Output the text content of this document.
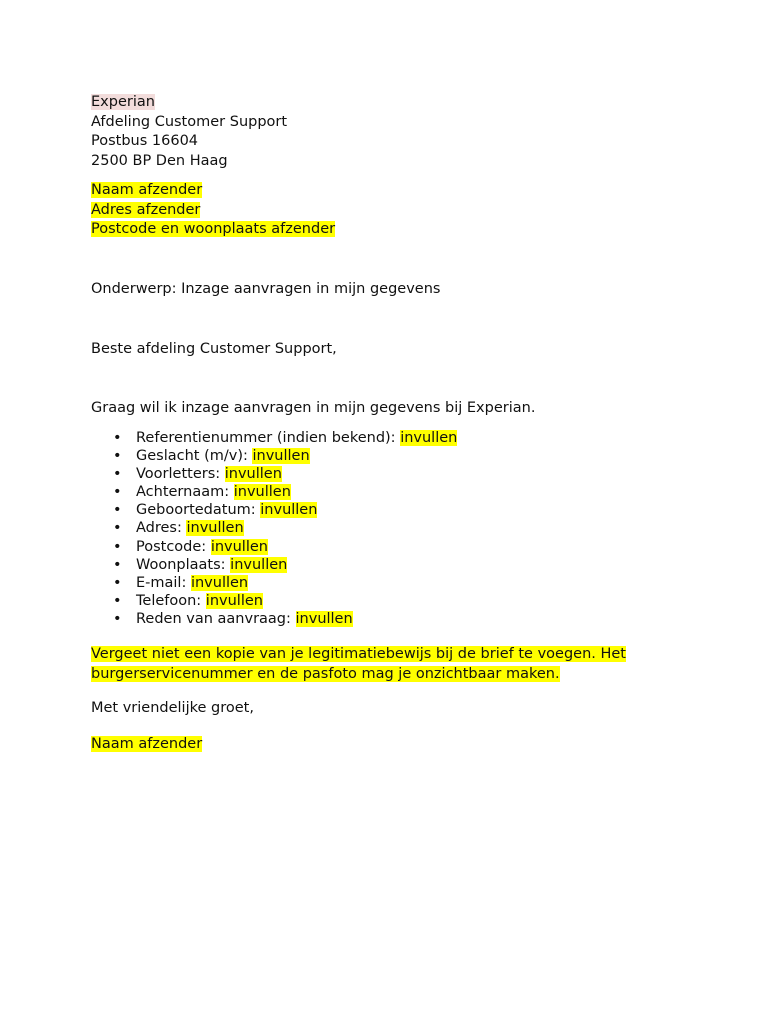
Experian
Afdeling Customer Support
Postbus 16604
2500 BP Den Haag
Naam afzender
Adres afzender
Postcode en woonplaats afzender
Onderwerp: Inzage aanvragen in mijn gegevens
Beste afdeling Customer Support,
Graag wil ik inzage aanvragen in mijn gegevens bij Experian.
• Referentienummer (indien bekend): invullen
• Geslacht (m/v): invullen
• Voorletters: invullen
• Achternaam: invullen
• Geboortedatum: invullen
• Adres: invullen
• Postcode: invullen
• Woonplaats: invullen
• E-mail: invullen
• Telefoon: invullen
• Reden van aanvraag: invullen
Vergeet niet een kopie van je legitimatiebewijs bij de brief te voegen. Het
burgerservicenummer en de pasfoto mag je onzichtbaar maken.
Met vriendelijke groet,
Naam afzender
